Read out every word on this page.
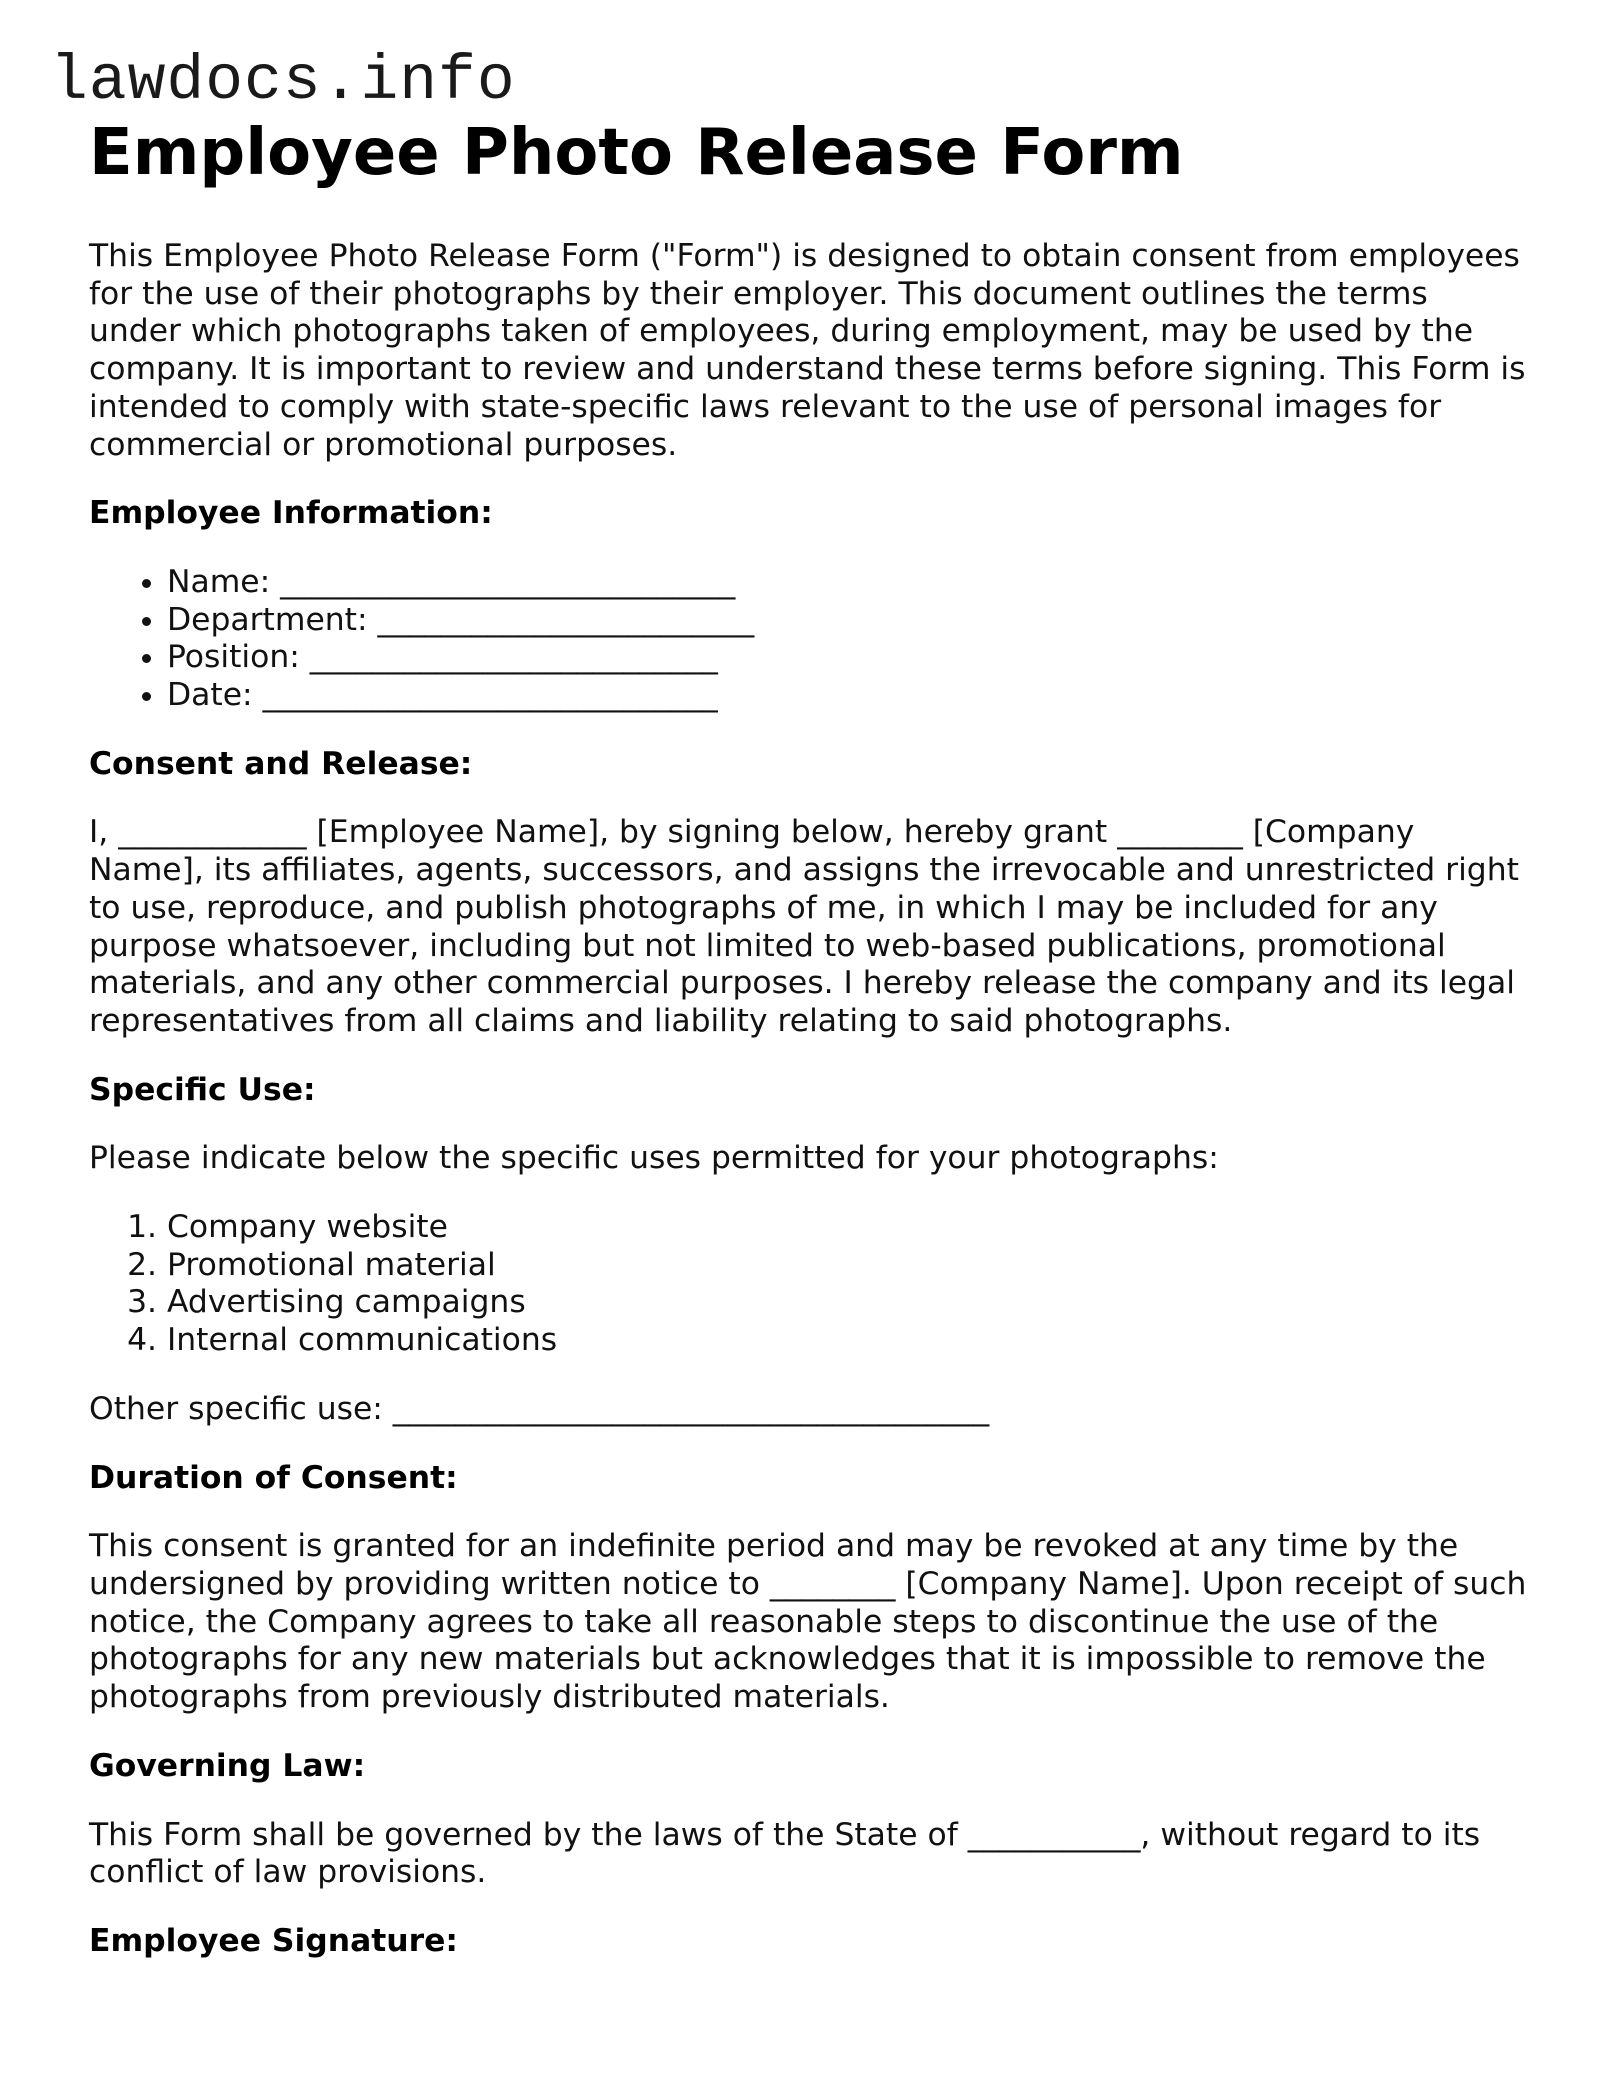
lawdocs.info
Employee Photo Release Form

This Employee Photo Release Form ("Form") is designed to obtain consent from employees for the use of their photographs by their employer. This document outlines the terms under which photographs taken of employees, during employment, may be used by the company. It is important to review and understand these terms before signing. This Form is intended to comply with state-specific laws relevant to the use of personal images for commercial or promotional purposes.

Employee Information:
• Name: _____________________________
• Department: ________________________
• Position: __________________________
• Date: _____________________________
Consent and Release:

I, ____________ [Employee Name], by signing below, hereby grant ________ [Company Name], its affiliates, agents, successors, and assigns the irrevocable and unrestricted right to use, reproduce, and publish photographs of me, in which I may be included for any purpose whatsoever, including but not limited to web-based publications, promotional materials, and any other commercial purposes. I hereby release the company and its legal representatives from all claims and liability relating to said photographs.

Specific Use:

Please indicate below the specific uses permitted for your photographs:

1. Company website
2. Promotional material
3. Advertising campaigns
4. Internal communications

Other specific use: ______________________________________

Duration of Consent:

This consent is granted for an indefinite period and may be revoked at any time by the undersigned by providing written notice to ________ [Company Name]. Upon receipt of such notice, the Company agrees to take all reasonable steps to discontinue the use of the photographs for any new materials but acknowledges that it is impossible to remove the photographs from previously distributed materials.

Governing Law:

This Form shall be governed by the laws of the State of ___________, without regard to its conflict of law provisions.

Employee Signature:
